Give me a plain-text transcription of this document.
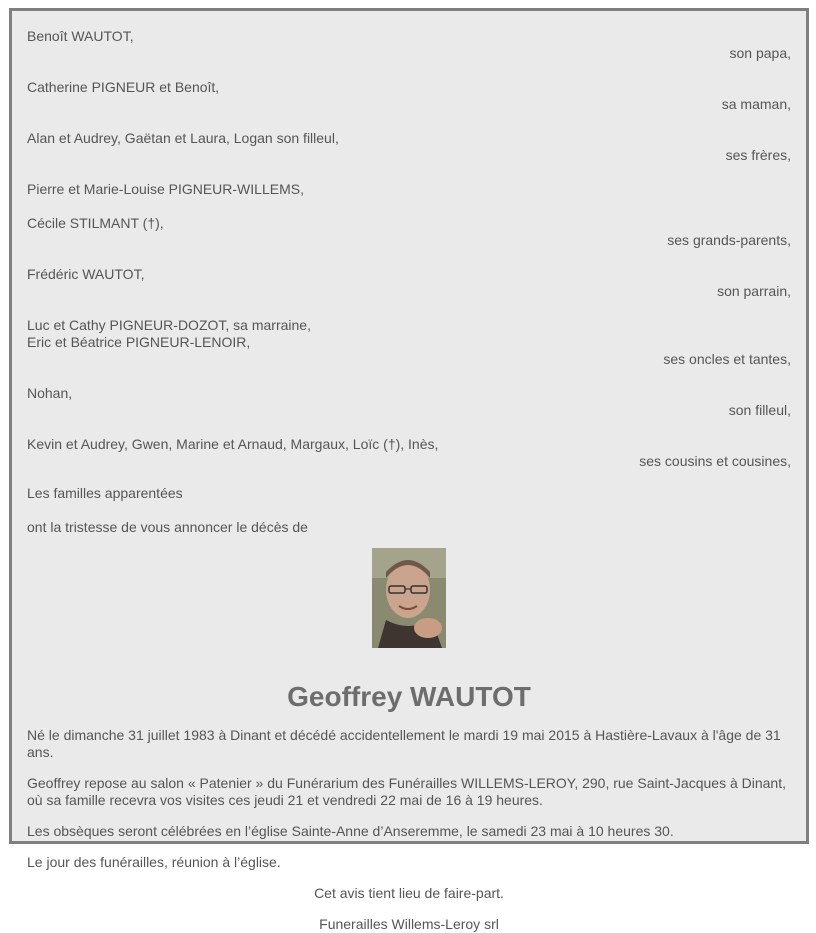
Benoît WAUTOT,
son papa,
Catherine PIGNEUR et Benoît,
sa maman,
Alan et Audrey, Gaëtan et Laura, Logan son filleul,
ses frères,
Pierre et Marie-Louise PIGNEUR-WILLEMS,
Cécile STILMANT (†),
ses grands-parents,
Frédéric WAUTOT,
son parrain,
Luc et Cathy PIGNEUR-DOZOT, sa marraine,
Eric et Béatrice PIGNEUR-LENOIR,
ses oncles et tantes,
Nohan,
son filleul,
Kevin et Audrey, Gwen, Marine et Arnaud, Margaux, Loïc (†), Inès,
ses cousins et cousines,
Les familles apparentées
ont la tristesse de vous annoncer le décès de
Geoffrey WAUTOT
Né le dimanche 31 juillet 1983 à Dinant et décédé accidentellement le mardi 19 mai 2015 à Hastière-Lavaux à l'âge de 31 ans.
Geoffrey repose au salon « Patenier » du Funérarium des Funérailles WILLEMS-LEROY, 290, rue Saint-Jacques à Dinant, où sa famille recevra vos visites ces jeudi 21 et vendredi 22 mai de 16 à 19 heures.
Les obsèques seront célébrées en l’église Sainte-Anne d’Anseremme, le samedi 23 mai à 10 heures 30.
Le jour des funérailles, réunion à l’église.
Cet avis tient lieu de faire-part.
Funerailles Willems-Leroy srl
